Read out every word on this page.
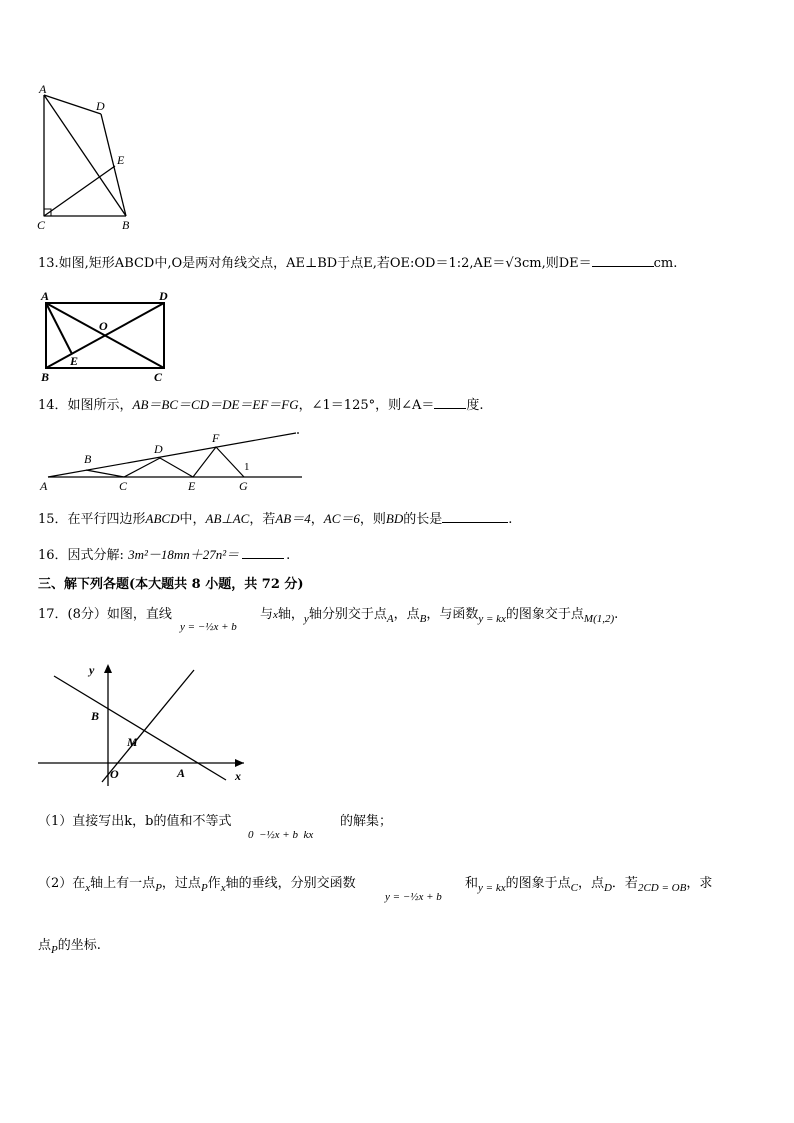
A
D
E
C	B
13.如图,矩形ABCD中,O是两对角线交点，AE⊥BD于点E,若OE:OD＝1:2,AE＝√3cm,则DE＝	cm.
A	D
O
E
B	C
14．如图所示，AB＝BC＝CD＝DE＝EF＝FG，∠1＝125°，则∠A＝ 度.
A
B
C
D
E
F
G
1
15．在平行四边形ABCD中，AB⊥AC，若AB＝4，AC＝6，则BD的长是	.
16．因式分解: 3m²－18mn＋27n²＝	.
三、解下列各题(本大题共 8 小题，共 72 分)
17．(8分）如图，直线
y = −½x + b
与x轴，$_y$轴分别交于点$_A$，点$_B$，与函数$_{y = kx}$的图象交于点$_{M(1,2)}$.
y
x
B
M
O	A
（1）直接写出k，b的值和不等式
0  −½x + b  kx
的解集；
（2）在$_x$轴上有一点$_P$，过点$_P$作$_x$轴的垂线，分别交函数
y = −½x + b
和$_{y = kx}$的图象于点$_C$，点$_D$．若$_{2CD = OB}$，求
点$_P$的坐标.
